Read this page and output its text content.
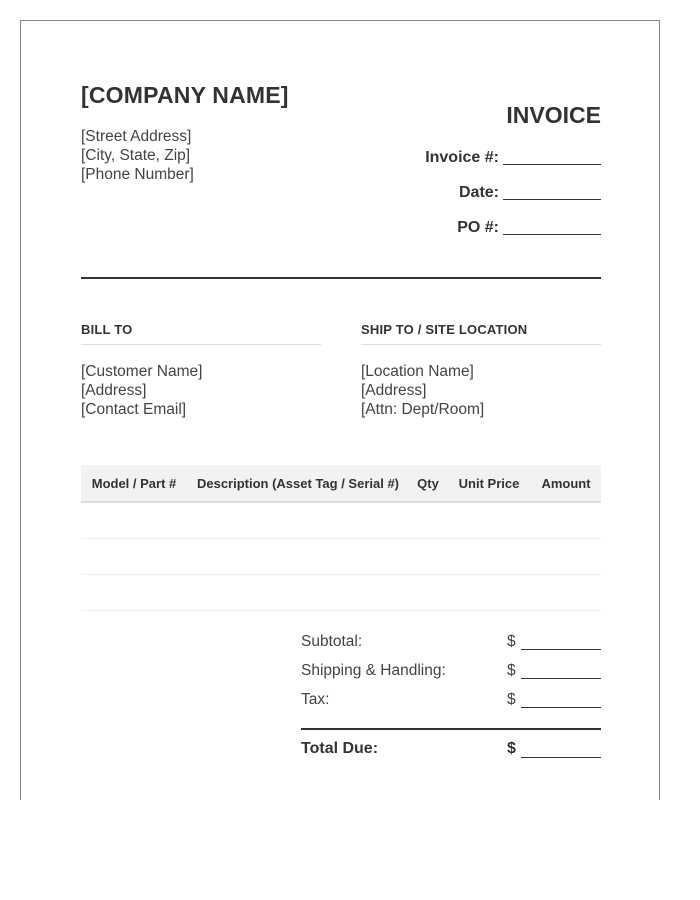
[COMPANY NAME]
[Street Address]
[City, State, Zip]
[Phone Number]
INVOICE
Invoice #:
Date:
PO #:
BILL TO
[Customer Name]
[Address]
[Contact Email]
SHIP TO / SITE LOCATION
[Location Name]
[Address]
[Attn: Dept/Room]
Model / Part #	Description (Asset Tag / Serial #)	Qty	Unit Price	Amount

Subtotal:	$
Shipping & Handling:	$
Tax:	$
Total Due:	$
